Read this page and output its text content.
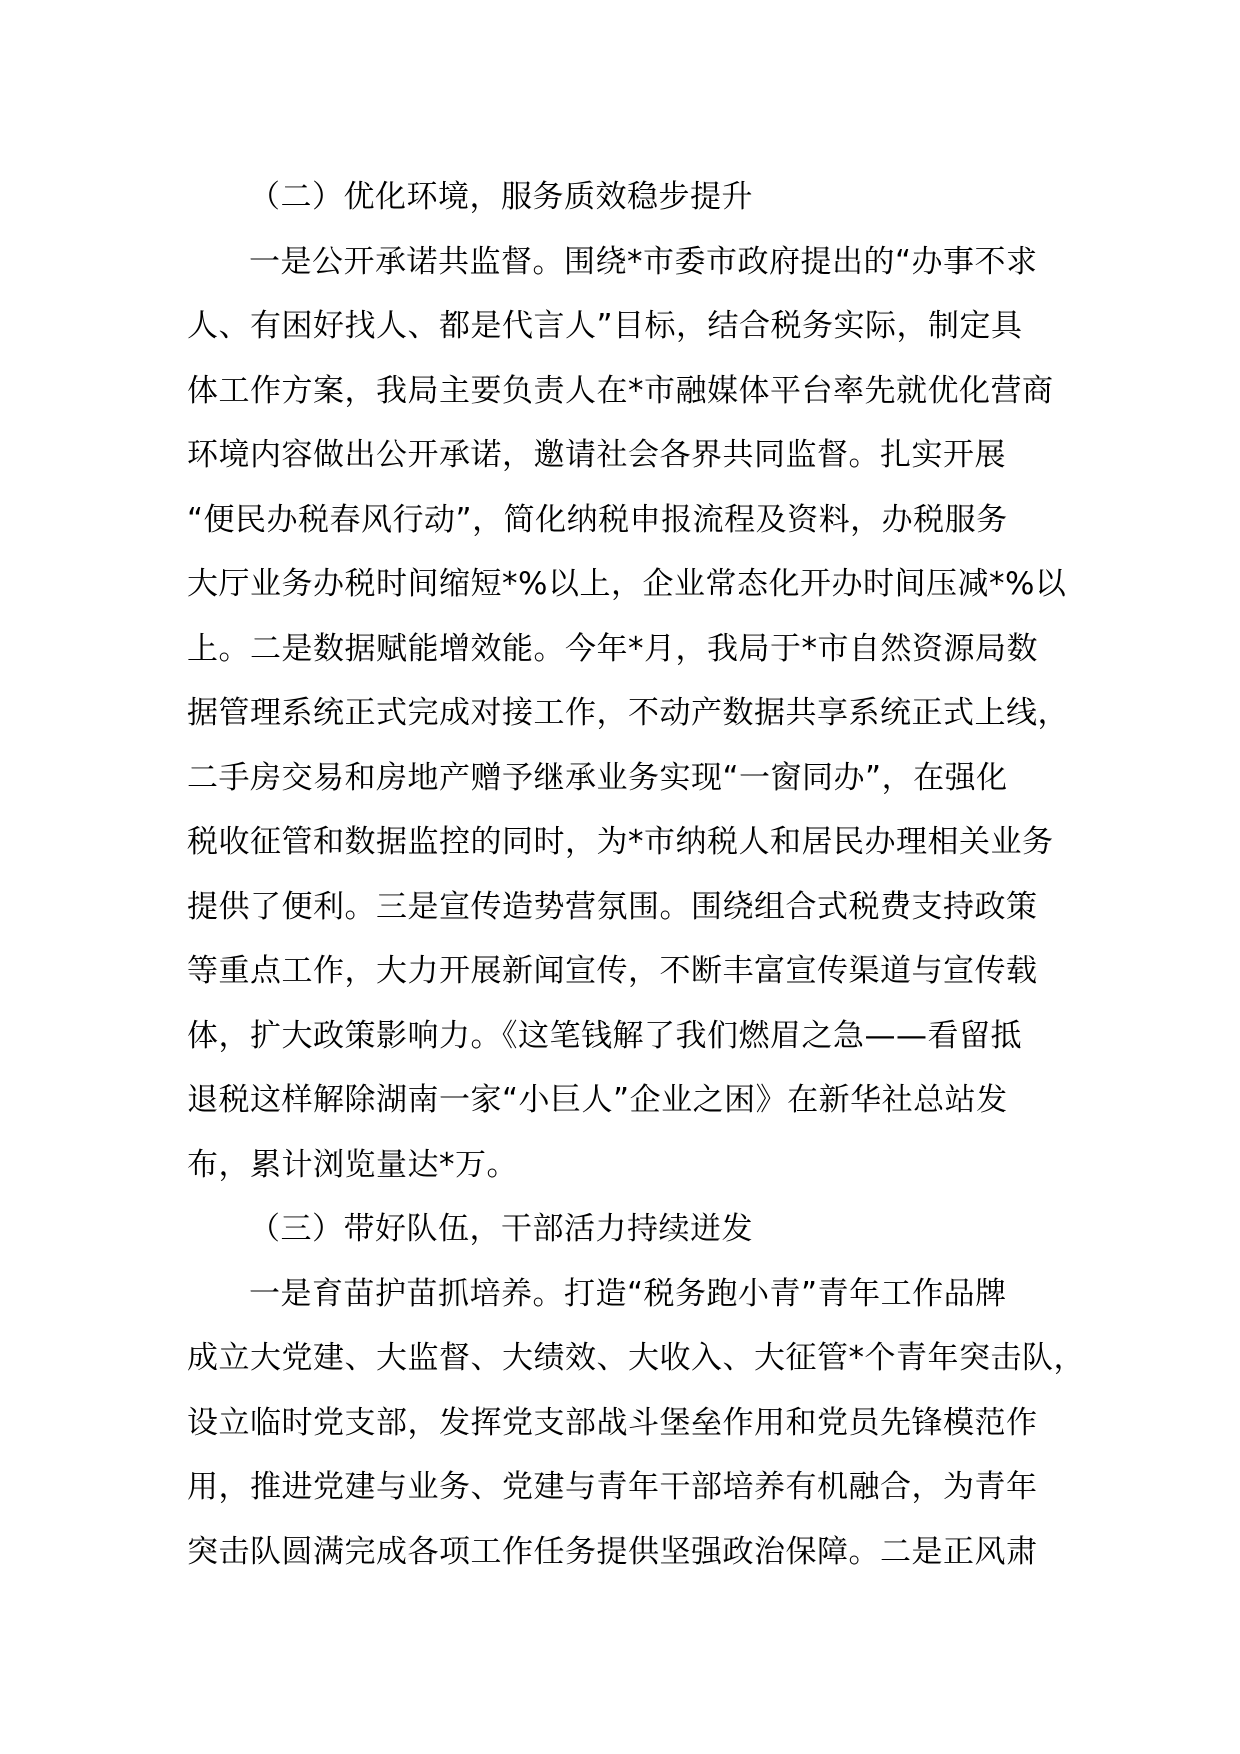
（二）优化环境，服务质效稳步提升

一是公开承诺共监督。围绕*市委市政府提出的“办事不求
人、有困好找人、都是代言人”目标，结合税务实际，制定具
体工作方案，我局主要负责人在*市融媒体平台率先就优化营商
环境内容做出公开承诺，邀请社会各界共同监督。扎实开展
“便民办税春风行动”，简化纳税申报流程及资料，办税服务
大厅业务办税时间缩短*%以上，企业常态化开办时间压减*%以
上。二是数据赋能增效能。今年*月，我局于*市自然资源局数
据管理系统正式完成对接工作，不动产数据共享系统正式上线，
二手房交易和房地产赠予继承业务实现“一窗同办”，在强化
税收征管和数据监控的同时，为*市纳税人和居民办理相关业务
提供了便利。三是宣传造势营氛围。围绕组合式税费支持政策
等重点工作，大力开展新闻宣传，不断丰富宣传渠道与宣传载
体，扩大政策影响力。《这笔钱解了我们燃眉之急——看留抵
退税这样解除湖南一家“小巨人”企业之困》在新华社总站发
布，累计浏览量达*万。

（三）带好队伍，干部活力持续迸发

一是育苗护苗抓培养。打造“税务跑小青”青年工作品牌
成立大党建、大监督、大绩效、大收入、大征管*个青年突击队，
设立临时党支部，发挥党支部战斗堡垒作用和党员先锋模范作
用，推进党建与业务、党建与青年干部培养有机融合，为青年
突击队圆满完成各项工作任务提供坚强政治保障。二是正风肃
